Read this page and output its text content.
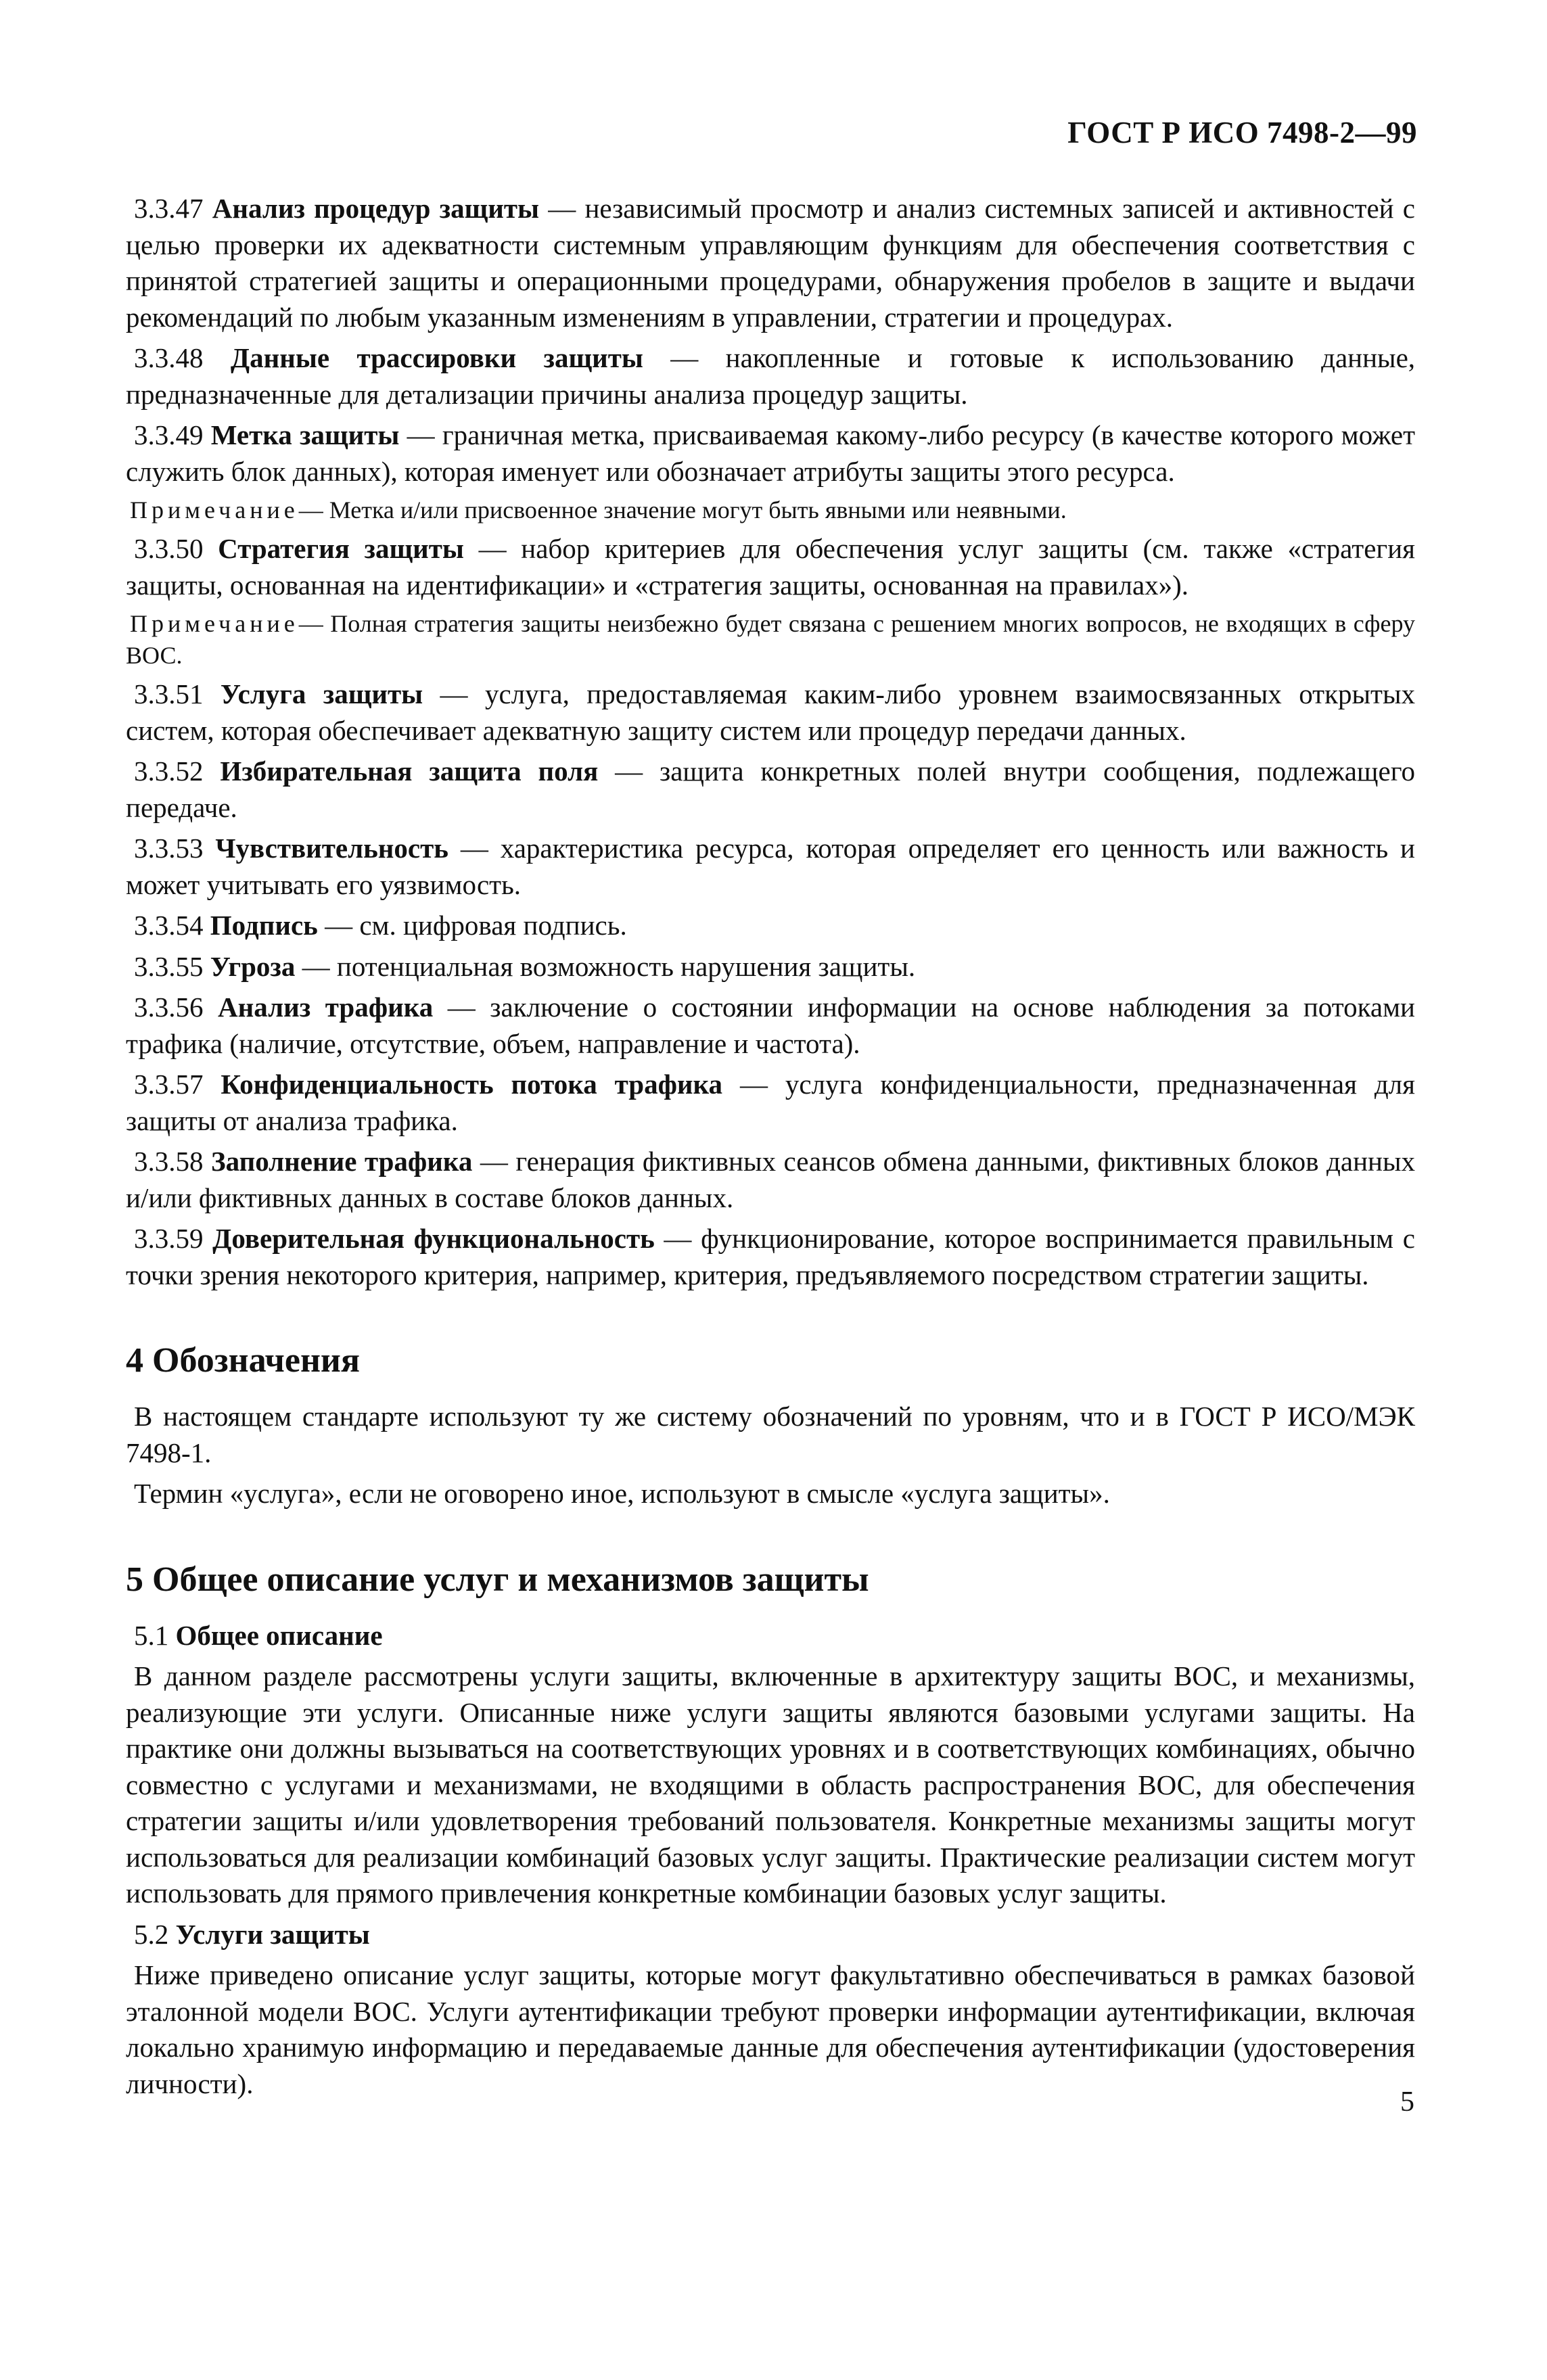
ГОСТ Р ИСО 7498-2—99

3.3.47 Анализ процедур защиты — независимый просмотр и анализ системных записей и активностей с целью проверки их адекватности системным управляющим функциям для обеспечения соответствия с принятой стратегией защиты и операционными процедурами, обнаружения пробелов в защите и выдачи рекомендаций по любым указанным изменениям в управлении, стратегии и процедурах.

3.3.48 Данные трассировки защиты — накопленные и готовые к использованию данные, предназначенные для детализации причины анализа процедур защиты.

3.3.49 Метка защиты — граничная метка, присваиваемая какому-либо ресурсу (в качестве которого может служить блок данных), которая именует или обозначает атрибуты защиты этого ресурса.

Примечание— Метка и/или присвоенное значение могут быть явными или неявными.

3.3.50 Стратегия защиты — набор критериев для обеспечения услуг защиты (см. также «стратегия защиты, основанная на идентификации» и «стратегия защиты, основанная на правилах»).

Примечание— Полная стратегия защиты неизбежно будет связана с решением многих вопросов, не входящих в сферу ВОС.

3.3.51 Услуга защиты — услуга, предоставляемая каким-либо уровнем взаимосвязанных открытых систем, которая обеспечивает адекватную защиту систем или процедур передачи данных.

3.3.52 Избирательная защита поля — защита конкретных полей внутри сообщения, подлежащего передаче.

3.3.53 Чувствительность — характеристика ресурса, которая определяет его ценность или важность и может учитывать его уязвимость.

3.3.54 Подпись — см. цифровая подпись.

3.3.55 Угроза — потенциальная возможность нарушения защиты.

3.3.56 Анализ трафика — заключение о состоянии информации на основе наблюдения за потоками трафика (наличие, отсутствие, объем, направление и частота).

3.3.57 Конфиденциальность потока трафика — услуга конфиденциальности, предназначенная для защиты от анализа трафика.

3.3.58 Заполнение трафика — генерация фиктивных сеансов обмена данными, фиктивных блоков данных и/или фиктивных данных в составе блоков данных.

3.3.59 Доверительная функциональность — функционирование, которое воспринимается правильным с точки зрения некоторого критерия, например, критерия, предъявляемого посредством стратегии защиты.

4 Обозначения

В настоящем стандарте используют ту же систему обозначений по уровням, что и в ГОСТ Р ИСО/МЭК 7498-1.

Термин «услуга», если не оговорено иное, используют в смысле «услуга защиты».

5 Общее описание услуг и механизмов защиты

5.1 Общее описание

В данном разделе рассмотрены услуги защиты, включенные в архитектуру защиты ВОС, и механизмы, реализующие эти услуги. Описанные ниже услуги защиты являются базовыми услугами защиты. На практике они должны вызываться на соответствующих уровнях и в соответствующих комбинациях, обычно совместно с услугами и механизмами, не входящими в область распространения ВОС, для обеспечения стратегии защиты и/или удовлетворения требований пользователя. Конкретные механизмы защиты могут использоваться для реализации комбинаций базовых услуг защиты. Практические реализации систем могут использовать для прямого привлечения конкретные комбинации базовых услуг защиты.

5.2 Услуги защиты

Ниже приведено описание услуг защиты, которые могут факультативно обеспечиваться в рамках базовой эталонной модели ВОС. Услуги аутентификации требуют проверки информации аутентификации, включая локально хранимую информацию и передаваемые данные для обеспечения аутентификации (удостоверения личности).

5
